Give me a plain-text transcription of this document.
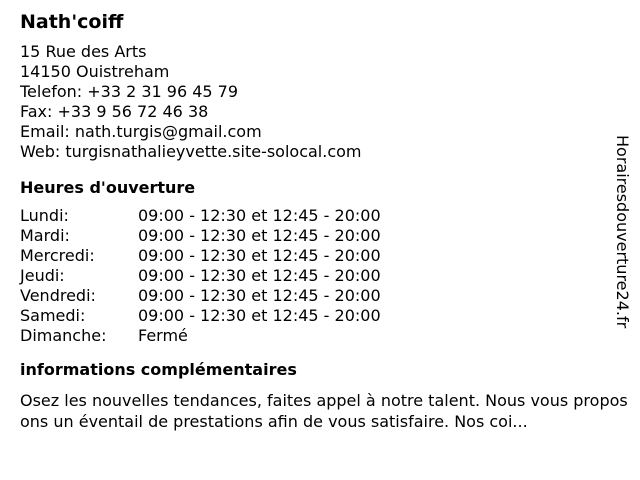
Nath'coiff
15 Rue des Arts
14150 Ouistreham
Telefon: +33 2 31 96 45 79
Fax: +33 9 56 72 46 38
Email: nath.turgis@gmail.com
Web: turgisnathalieyvette.site-solocal.com
Heures d'ouverture
Lundi:	09:00 - 12:30 et 12:45 - 20:00
Mardi:	09:00 - 12:30 et 12:45 - 20:00
Mercredi:	09:00 - 12:30 et 12:45 - 20:00
Jeudi:	09:00 - 12:30 et 12:45 - 20:00
Vendredi:	09:00 - 12:30 et 12:45 - 20:00
Samedi:	09:00 - 12:30 et 12:45 - 20:00
Dimanche:	Fermé
informations complémentaires
Osez les nouvelles tendances, faites appel à notre talent. Nous vous proposons un éventail de prestations afin de vous satisfaire. Nos coi...
Horairesdouverture24.fr
